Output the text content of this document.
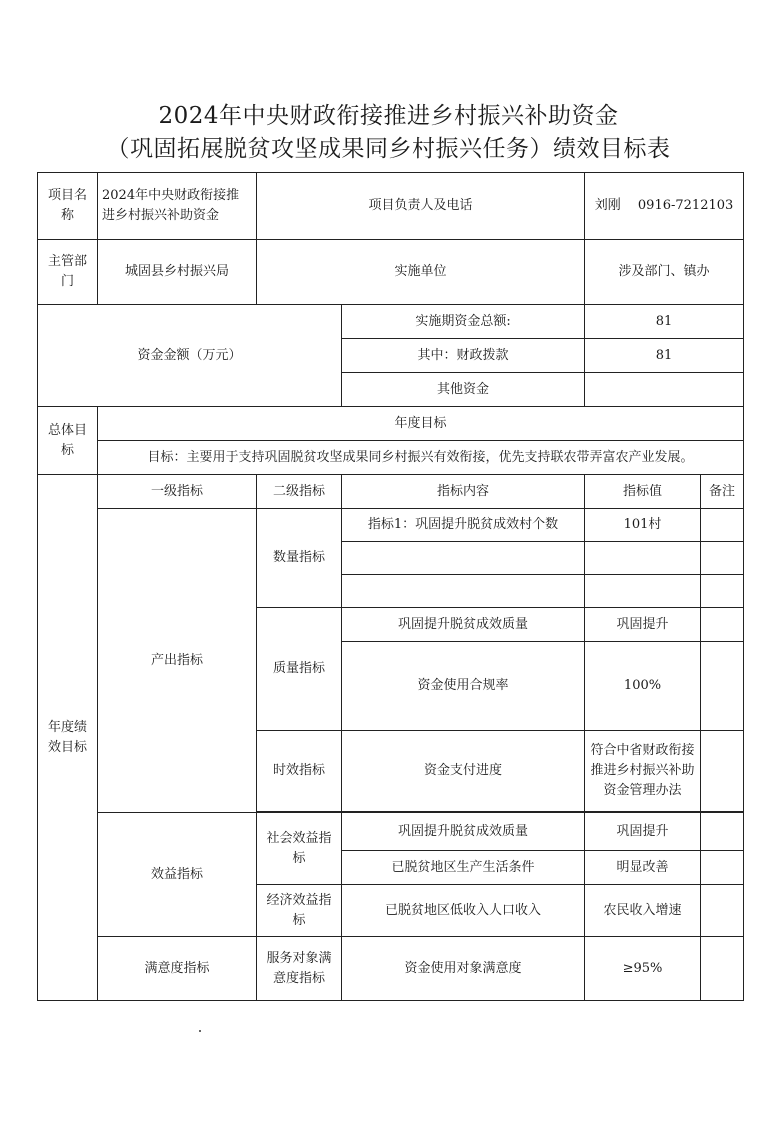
2024年中央财政衔接推进乡村振兴补助资金
（巩固拓展脱贫攻坚成果同乡村振兴任务）绩效目标表
项目名称	2024年中央财政衔接推进乡村振兴补助资金	项目负责人及电话		刘刚　 0916-7212103	
主管部门	城固县乡村振兴局	实施单位		涉及部门、镇办	
资金金额（万元）			实施期资金总额:	81	
			其中：财政拨款	81	
			其他资金		
总体目标	年度目标				
	目标：主要用于支持巩固脱贫攻坚成果同乡村振兴有效衔接，优先支持联农带弄富农产业发展。				
年度绩效目标	一级指标	二级指标	指标内容	指标值	备注
	产出指标	数量指标	指标1：巩固提升脱贫成效村个数	101村	

		质量指标	巩固提升脱贫成效质量	巩固提升	
			资金使用合规率	100%	
		时效指标	资金支付进度	符合中省财政衔接推进乡村振兴补助资金管理办法	

	效益指标	社会效益指标	巩固提升脱贫成效质量	巩固提升	
			已脱贫地区生产生活条件	明显改善	
		经济效益指标	已脱贫地区低收入人口收入	农民收入增速	
	满意度指标	服务对象满意度指标	资金使用对象满意度	≥95%	
